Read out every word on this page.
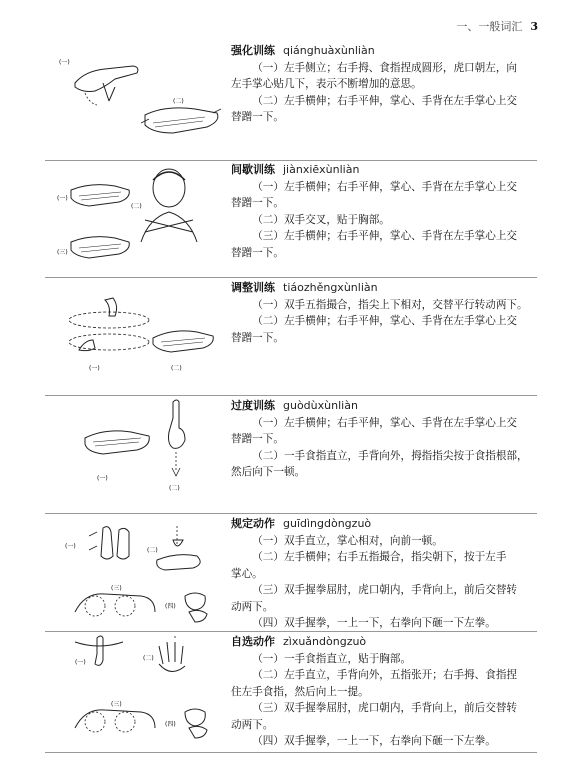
一、一般词汇 3
(一)
(二)
强化训练 qiánghuàxùnliàn
（一）左手侧立；右手拇、食指捏成圆形，虎口朝左，向
左手掌心贴几下，表示不断增加的意思。
（二）左手横伸；右手平伸，掌心、手背在左手掌心上交
替蹭一下。
(一)
(二)
(三)
间歇训练 jiànxiēxùnliàn
（一）左手横伸；右手平伸，掌心、手背在左手掌心上交
替蹭一下。
（二）双手交叉，贴于胸部。
（三）左手横伸；右手平伸，掌心、手背在左手掌心上交
替蹭一下。
(一)	(二)
调整训练 tiáozhěngxùnliàn
（一）双手五指撮合，指尖上下相对，交替平行转动两下。
（二）左手横伸；右手平伸，掌心、手背在左手掌心上交
替蹭一下。
(一)
(二)
过度训练 guòdùxùnliàn
（一）左手横伸；右手平伸，掌心、手背在左手掌心上交
替蹭一下。
（二）一手食指直立，手背向外，拇指指尖按于食指根部，
然后向下一顿。
(一)
(二)
(三)
(四)
规定动作 guīdìngdòngzuò
（一）双手直立，掌心相对，向前一顿。
（二）左手横伸；右手五指撮合，指尖朝下，按于左手
掌心。
（三）双手握拳屈肘，虎口朝内，手背向上，前后交替转
动两下。
（四）双手握拳，一上一下，右拳向下砸一下左拳。
(一)
(二)
(三)
(四)
自选动作 zìxuǎndòngzuò
（一）一手食指直立，贴于胸部。
（二）左手直立，手背向外，五指张开；右手拇、食指捏
住左手食指，然后向上一提。
（三）双手握拳屈肘，虎口朝内，手背向上，前后交替转
动两下。
（四）双手握拳，一上一下，右拳向下砸一下左拳。
